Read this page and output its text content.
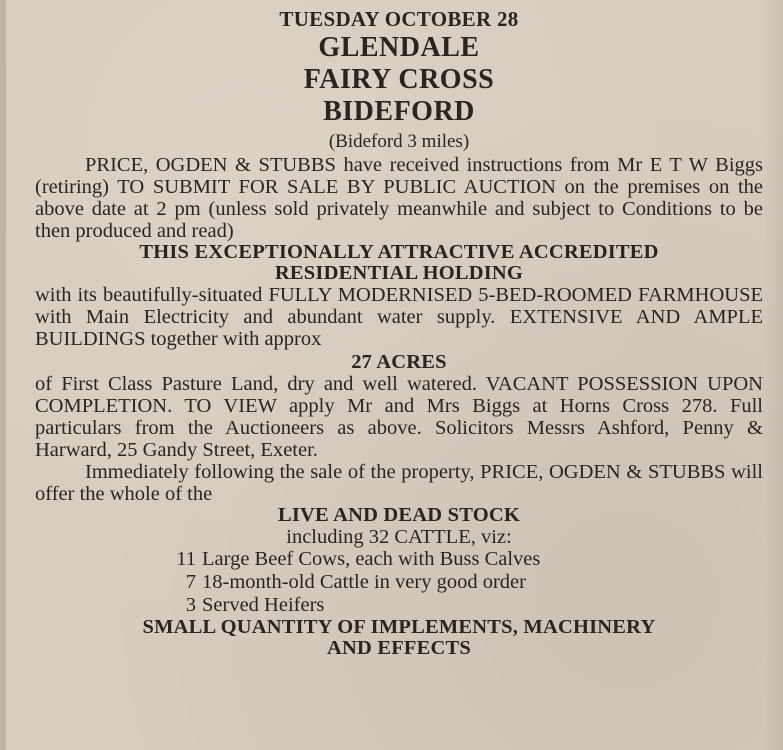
TUESDAY OCTOBER 28
GLENDALE
FAIRY CROSS
BIDEFORD
(Bideford 3 miles)

PRICE, OGDEN & STUBBS have received instructions from Mr E T W Biggs (retiring) TO SUBMIT FOR SALE BY PUBLIC AUCTION on the premises on the above date at 2 pm (unless sold privately meanwhile and subject to Conditions to be then produced and read)

THIS EXCEPTIONALLY ATTRACTIVE ACCREDITED
RESIDENTIAL HOLDING

with its beautifully-situated FULLY MODERNISED 5-BED-ROOMED FARMHOUSE with Main Electricity and abundant water supply. EXTENSIVE AND AMPLE BUILDINGS together with approx

27 ACRES

of First Class Pasture Land, dry and well watered. VACANT POSSESSION UPON COMPLETION. TO VIEW apply Mr and Mrs Biggs at Horns Cross 278. Full particulars from the Auctioneers as above. Solicitors Messrs Ashford, Penny & Harward, 25 Gandy Street, Exeter.

Immediately following the sale of the property, PRICE, OGDEN & STUBBS will offer the whole of the

LIVE AND DEAD STOCK
including 32 CATTLE, viz:
11 Large Beef Cows, each with Buss Calves
7 18-month-old Cattle in very good order
3 Served Heifers
SMALL QUANTITY OF IMPLEMENTS, MACHINERY
AND EFFECTS
